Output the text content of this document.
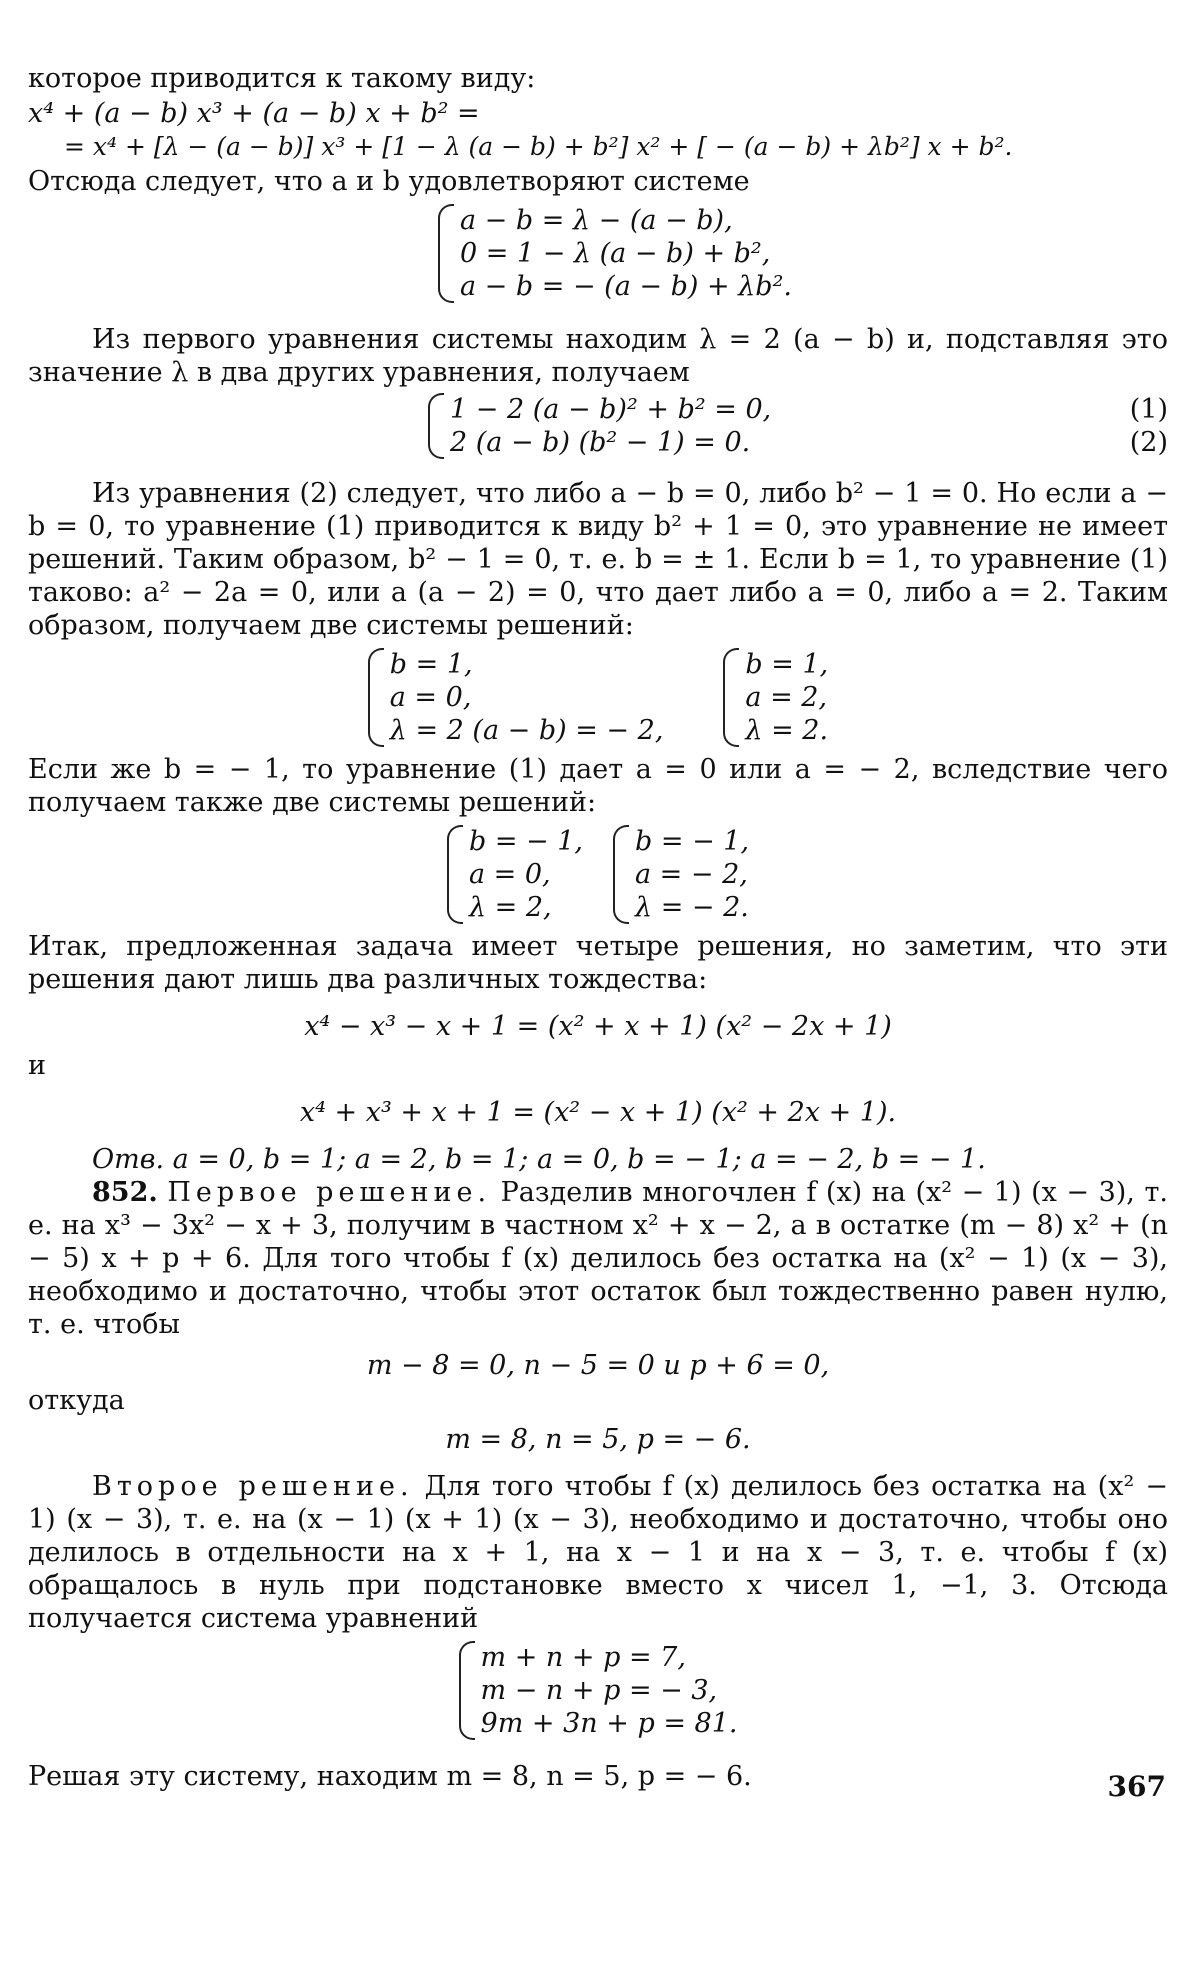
которое приводится к такому виду:

x⁴ + (a − b) x³ + (a − b) x + b² =
= x⁴ + [λ − (a − b)] x³ + [1 − λ (a − b) + b²] x² + [ − (a − b) + λb²] x + b².

Отсюда следует, что a и b удовлетворяют системе

a − b = λ − (a − b),
0 = 1 − λ (a − b) + b²,
a − b = − (a − b) + λb².

Из первого уравнения системы находим λ = 2 (a − b) и, подставляя это значение λ в два других уравнения, получаем

1 − 2 (a − b)² + b² = 0,
2 (a − b) (b² − 1) = 0.
(1)
(2)

Из уравнения (2) следует, что либо a − b = 0, либо b² − 1 = 0. Но если a − b = 0, то уравнение (1) приводится к виду b² + 1 = 0, это уравнение не имеет решений. Таким образом, b² − 1 = 0, т. е. b = ± 1. Если b = 1, то уравнение (1) таково: a² − 2a = 0, или a (a − 2) = 0, что дает либо a = 0, либо a = 2. Таким образом, получаем две системы решений:

b = 1,
a = 0,
λ = 2 (a − b) = − 2,
b = 1,
a = 2,
λ = 2.

Если же b = − 1, то уравнение (1) дает a = 0 или a = − 2, вследствие чего получаем также две системы решений:

b = − 1,
a = 0,
λ = 2,
b = − 1,
a = − 2,
λ = − 2.

Итак, предложенная задача имеет четыре решения, но заметим, что эти решения дают лишь два различных тождества:

x⁴ − x³ − x + 1 = (x² + x + 1) (x² − 2x + 1)
и
x⁴ + x³ + x + 1 = (x² − x + 1) (x² + 2x + 1).

Отв. a = 0, b = 1; a = 2, b = 1; a = 0, b = − 1; a = − 2, b = − 1.

852. Первое решение. Разделив многочлен f (x) на (x² − 1) (x − 3), т. е. на x³ − 3x² − x + 3, получим в частном x² + x − 2, а в остатке (m − 8) x² + (n − 5) x + p + 6. Для того чтобы f (x) делилось без остатка на (x² − 1) (x − 3), необходимо и достаточно, чтобы этот остаток был тождественно равен нулю, т. е. чтобы

m − 8 = 0, n − 5 = 0 и p + 6 = 0,
откуда
m = 8, n = 5, p = − 6.

Второе решение. Для того чтобы f (x) делилось без остатка на (x² − 1) (x − 3), т. е. на (x − 1) (x + 1) (x − 3), необходимо и достаточно, чтобы оно делилось в отдельности на x + 1, на x − 1 и на x − 3, т. е. чтобы f (x) обращалось в нуль при подстановке вместо x чисел 1, −1, 3. Отсюда получается система уравнений

m + n + p = 7,
m − n + p = − 3,
9m + 3n + p = 81.

Решая эту систему, находим m = 8, n = 5, p = − 6.	367
